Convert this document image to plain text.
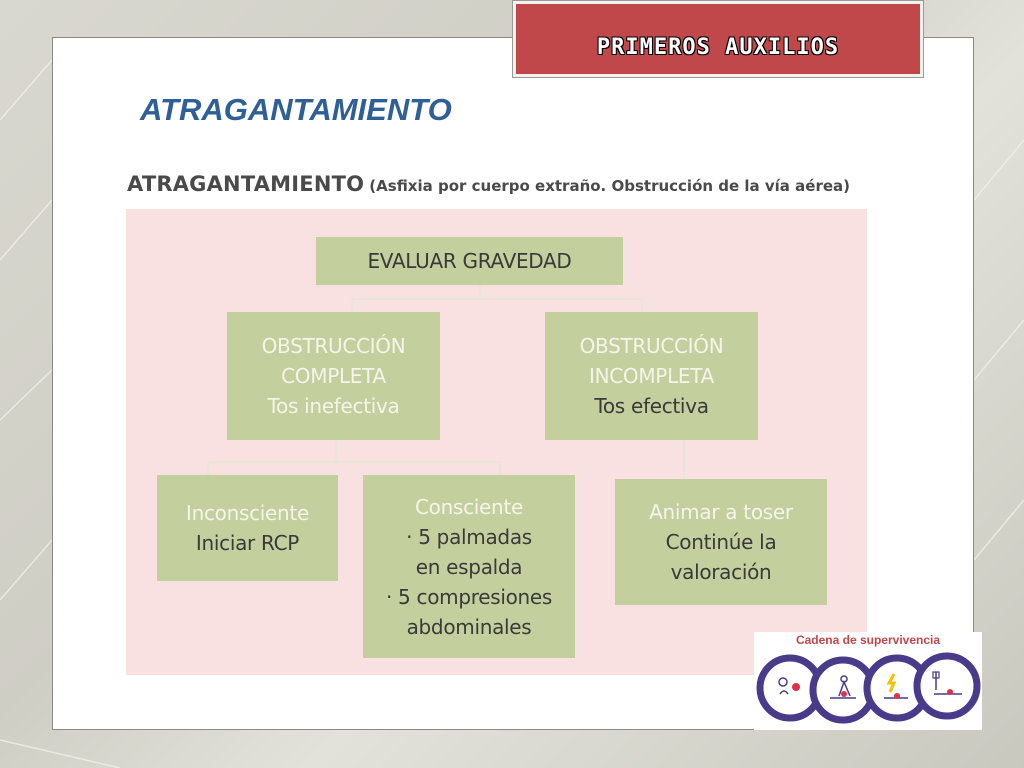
PRIMEROS AUXILIOS
ATRAGANTAMIENTO
ATRAGANTAMIENTO (Asfixia por cuerpo extraño. Obstrucción de la vía aérea)
EVALUAR GRAVEDAD
OBSTRUCCIÓN
COMPLETA
Tos inefectiva
OBSTRUCCIÓN
INCOMPLETA
Tos efectiva
Inconsciente
Iniciar RCP
Consciente
· 5 palmadas
en espalda
· 5 compresiones
abdominales
Animar a toser
Continúe la
valoración
Cadena de supervivencia
